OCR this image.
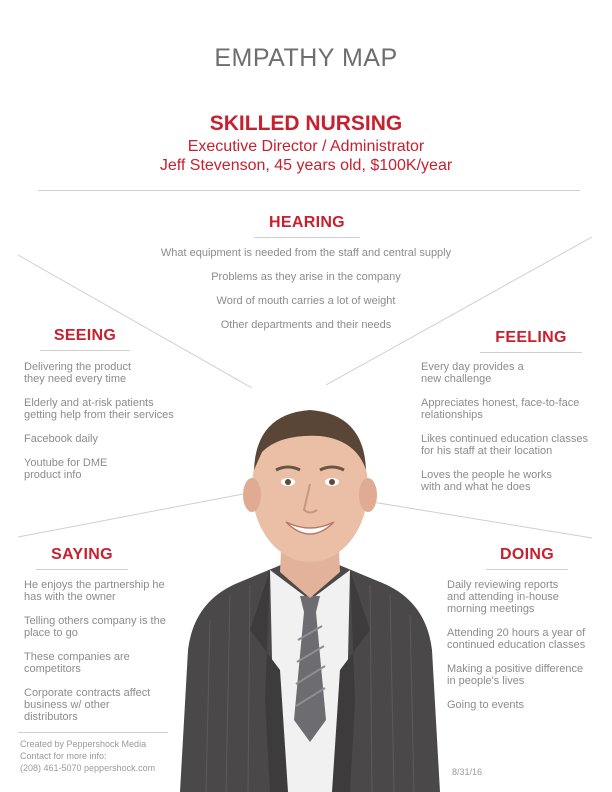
EMPATHY MAP
SKILLED NURSING
Executive Director / Administrator
Jeff Stevenson, 45 years old, $100K/year
HEARING
What equipment is needed from the staff and central supply
Problems as they arise in the company
Word of mouth carries a lot of weight
Other departments and their needs
SEEING
Delivering the product
they need every time
Elderly and at-risk patients
getting help from their services
Facebook daily
Youtube for DME
product info
FEELING
Every day provides a
new challenge
Appreciates honest, face-to-face
relationships
Likes continued education classes
for his staff at their location
Loves the people he works
with and what he does
SAYING
He enjoys the partnership he
has with the owner
Telling others company is the
place to go
These companies are
competitors
Corporate contracts affect
business w/ other
distributors
DOING
Daily reviewing reports
and attending in-house
morning meetings
Attending 20 hours a year of
continued education classes
Making a positive difference
in people's lives
Going to events
Created by Peppershock Media
Contact for more info:
(208) 461-5070 peppershock.com	8/31/16
